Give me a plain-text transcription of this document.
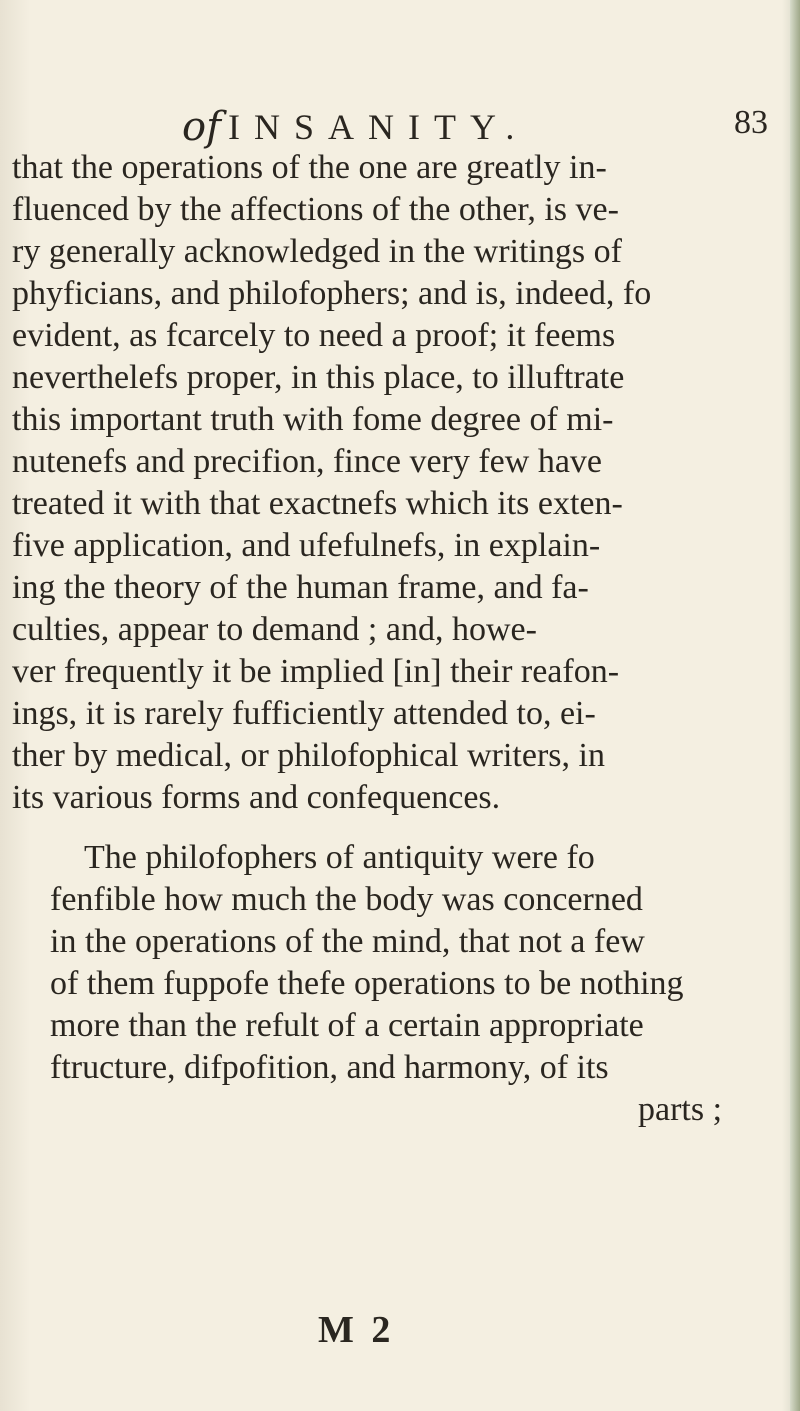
of INSANITY.	83
that the operations of the one are greatly in-
fluenced by the affections of the other, is ve-
ry generally acknowledged in the writings of
phyficians, and philofophers; and is, indeed, fo
evident, as fcarcely to need a proof; it feems
neverthelefs proper, in this place, to illuftrate
this important truth with fome degree of mi-
nutenefs and precifion, fince very few have
treated it with that exactnefs which its exten-
five application, and ufefulnefs, in explain-
ing the theory of the human frame, and fa-
culties, appear to demand ; and, howe-
ver frequently it be implied [in] their reafon-
ings, it is rarely fufficiently attended to, ei-
ther by medical, or philofophical writers, in
its various forms and confequences.
The philofophers of antiquity were fo
fenfible how much the body was concerned
in the operations of the mind, that not a few
of them fuppofe thefe operations to be nothing
more than the refult of a certain appropriate
ftructure, difpofition, and harmony, of its
parts ;
M 2
